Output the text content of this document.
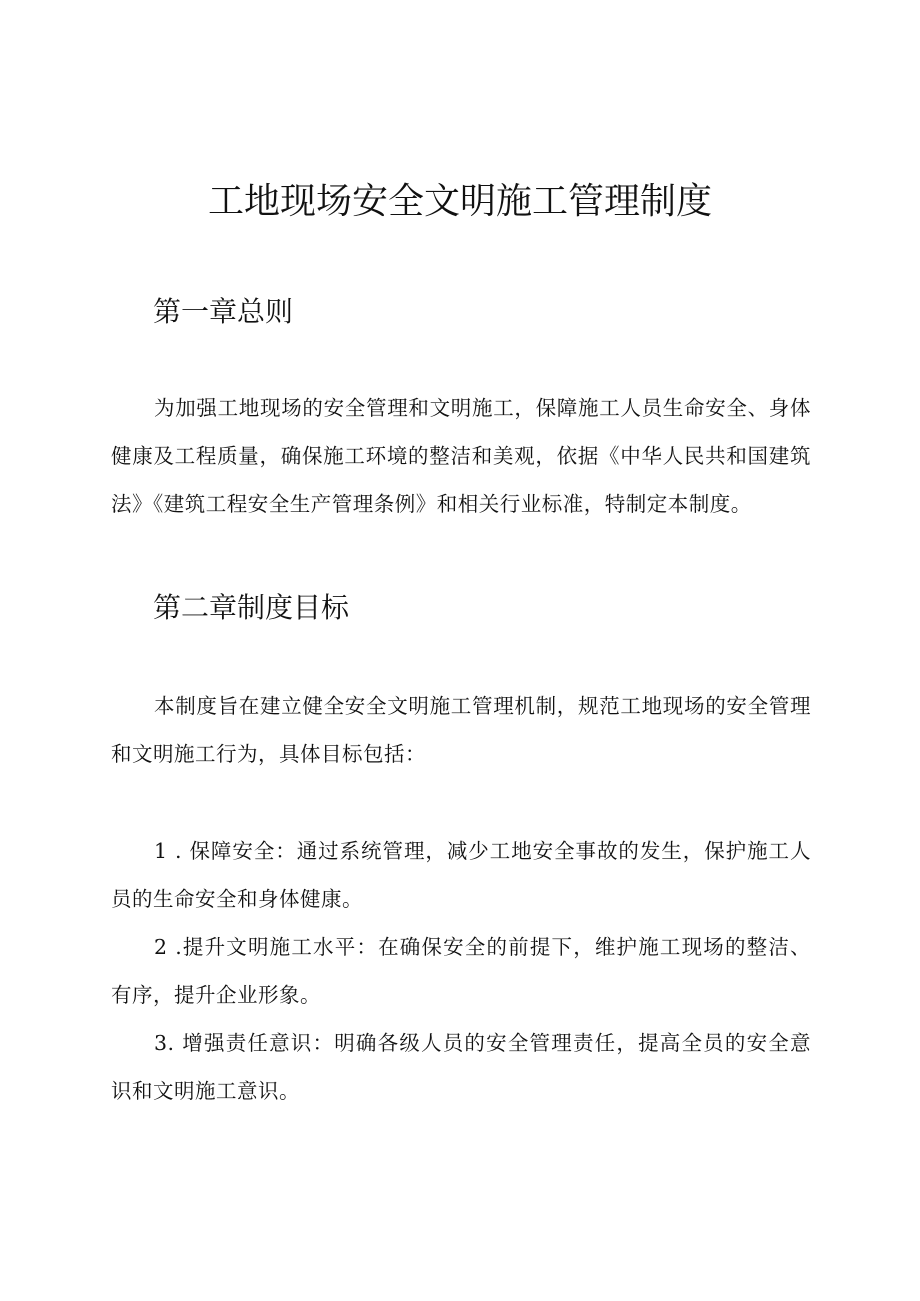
工地现场安全文明施工管理制度
第一章总则

为加强工地现场的安全管理和文明施工，保障施工人员生命安全、身体健康及工程质量，确保施工环境的整洁和美观，依据《中华人民共和国建筑法》《建筑工程安全生产管理条例》和相关行业标准，特制定本制度。

第二章制度目标

本制度旨在建立健全安全文明施工管理机制，规范工地现场的安全管理和文明施工行为，具体目标包括：

1 . 保障安全：通过系统管理，减少工地安全事故的发生，保护施工人员的生命安全和身体健康。

2 .提升文明施工水平：在确保安全的前提下，维护施工现场的整洁、有序，提升企业形象。

3. 增强责任意识：明确各级人员的安全管理责任，提高全员的安全意识和文明施工意识。
